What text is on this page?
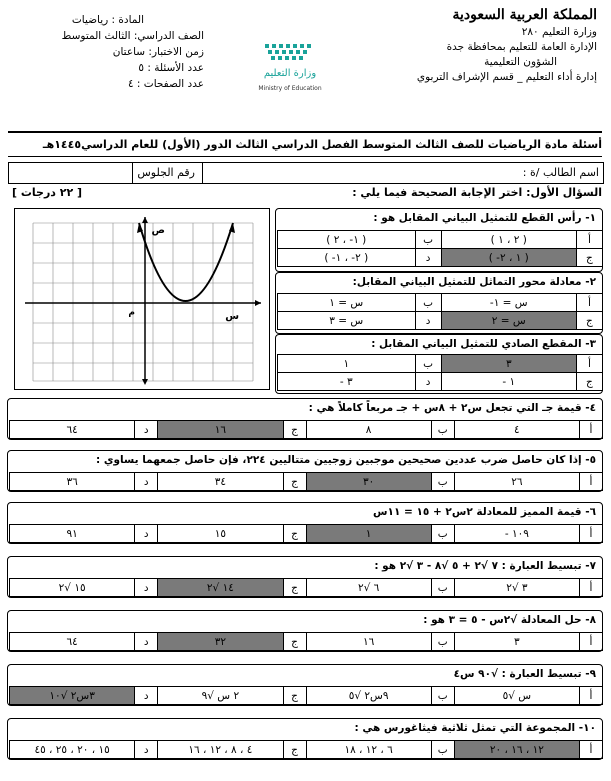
المملكة العربية السعودية
وزارة التعليم ٢٨٠
الإدارة العامة للتعليم بمحافظة جدة
الشؤون التعليمية
إدارة أداء التعليم _ قسم الإشراف التربوي
وزارة التعليم
Ministry of Education
المادة : رياضيات
الصف الدراسي: الثالث المتوسط
زمن الاختبار: ساعتان
عدد الأسئلة : ٥
عدد الصفحات : ٤
أسئلة مادة الرياضيات للصف الثالث المتوسط الفصل الدراسي الثالث الدور (الأول) للعام الدراسي١٤٤٥هـ
اسم الطالب /ة :
رقم الجلوس
السؤال الأول: اختر الإجابة الصحيحة فيما يلي :
[ ٢٢ درجات ]
ص
س
م
١- رأس القطع للتمثيل البياني المقابل هو :
أ	( ٢ ، ١ )	ب	( ١- ، ٢ )
ج	( ١ ، ٢- )	د	( ٢- ، ١- )
٢- معادلة محور التماثل للتمثيل البياني المقابل:
أ	س = ١-	ب	س = ١
ج	س = ٢	د	س = ٣
٣- المقطع الصادي للتمثيل البياني المقابل :
أ	٣	ب	١
ج	١ -	د	٣ -
٤- قيمة جـ التي تجعل س٢ + ٨س + جـ مربعاً كاملاً هي :
أ	٤	ب	٨	ج	١٦	د	٦٤
٥- إذا كان حاصل ضرب عددين صحيحين موجبين زوجيين متتاليين ٢٢٤، فإن حاصل جمعهما يساوي :
أ	٢٦	ب	٣٠	ج	٣٤	د	٣٦
٦- قيمة المميز للمعادلة ٢س٢ + ١٥ = ١١س
أ	١٠٩ -	ب	١	ج	١٥	د	٩١
٧- تبسيط العبارة : ٧ √٢ + ٥ √٨ - ٣ √٢ هو :
أ	٣ √٢	ب	٦ √٢	ج	١٤ √٢	د	١٥ √٢
٨- حل المعادلة √٢س - ٥ = ٣ هو :
أ	٣	ب	١٦	ج	٣٢	د	٦٤
٩- تبسيط العبارة : √٩٠ س٤
أ	س √٥	ب	٩س٢ √٥	ج	٢ س √٩	د	٣س٢ √١٠
١٠- المجموعة التي تمثل ثلاثية فيثاغورس هي :
أ	١٢ ، ١٦ ، ٢٠	ب	٦ ، ١٢ ، ١٨	ج	٤ ، ٨ ، ١٢ ، ١٦	د	١٥ ، ٢٠ ، ٢٥ ، ٤٥
